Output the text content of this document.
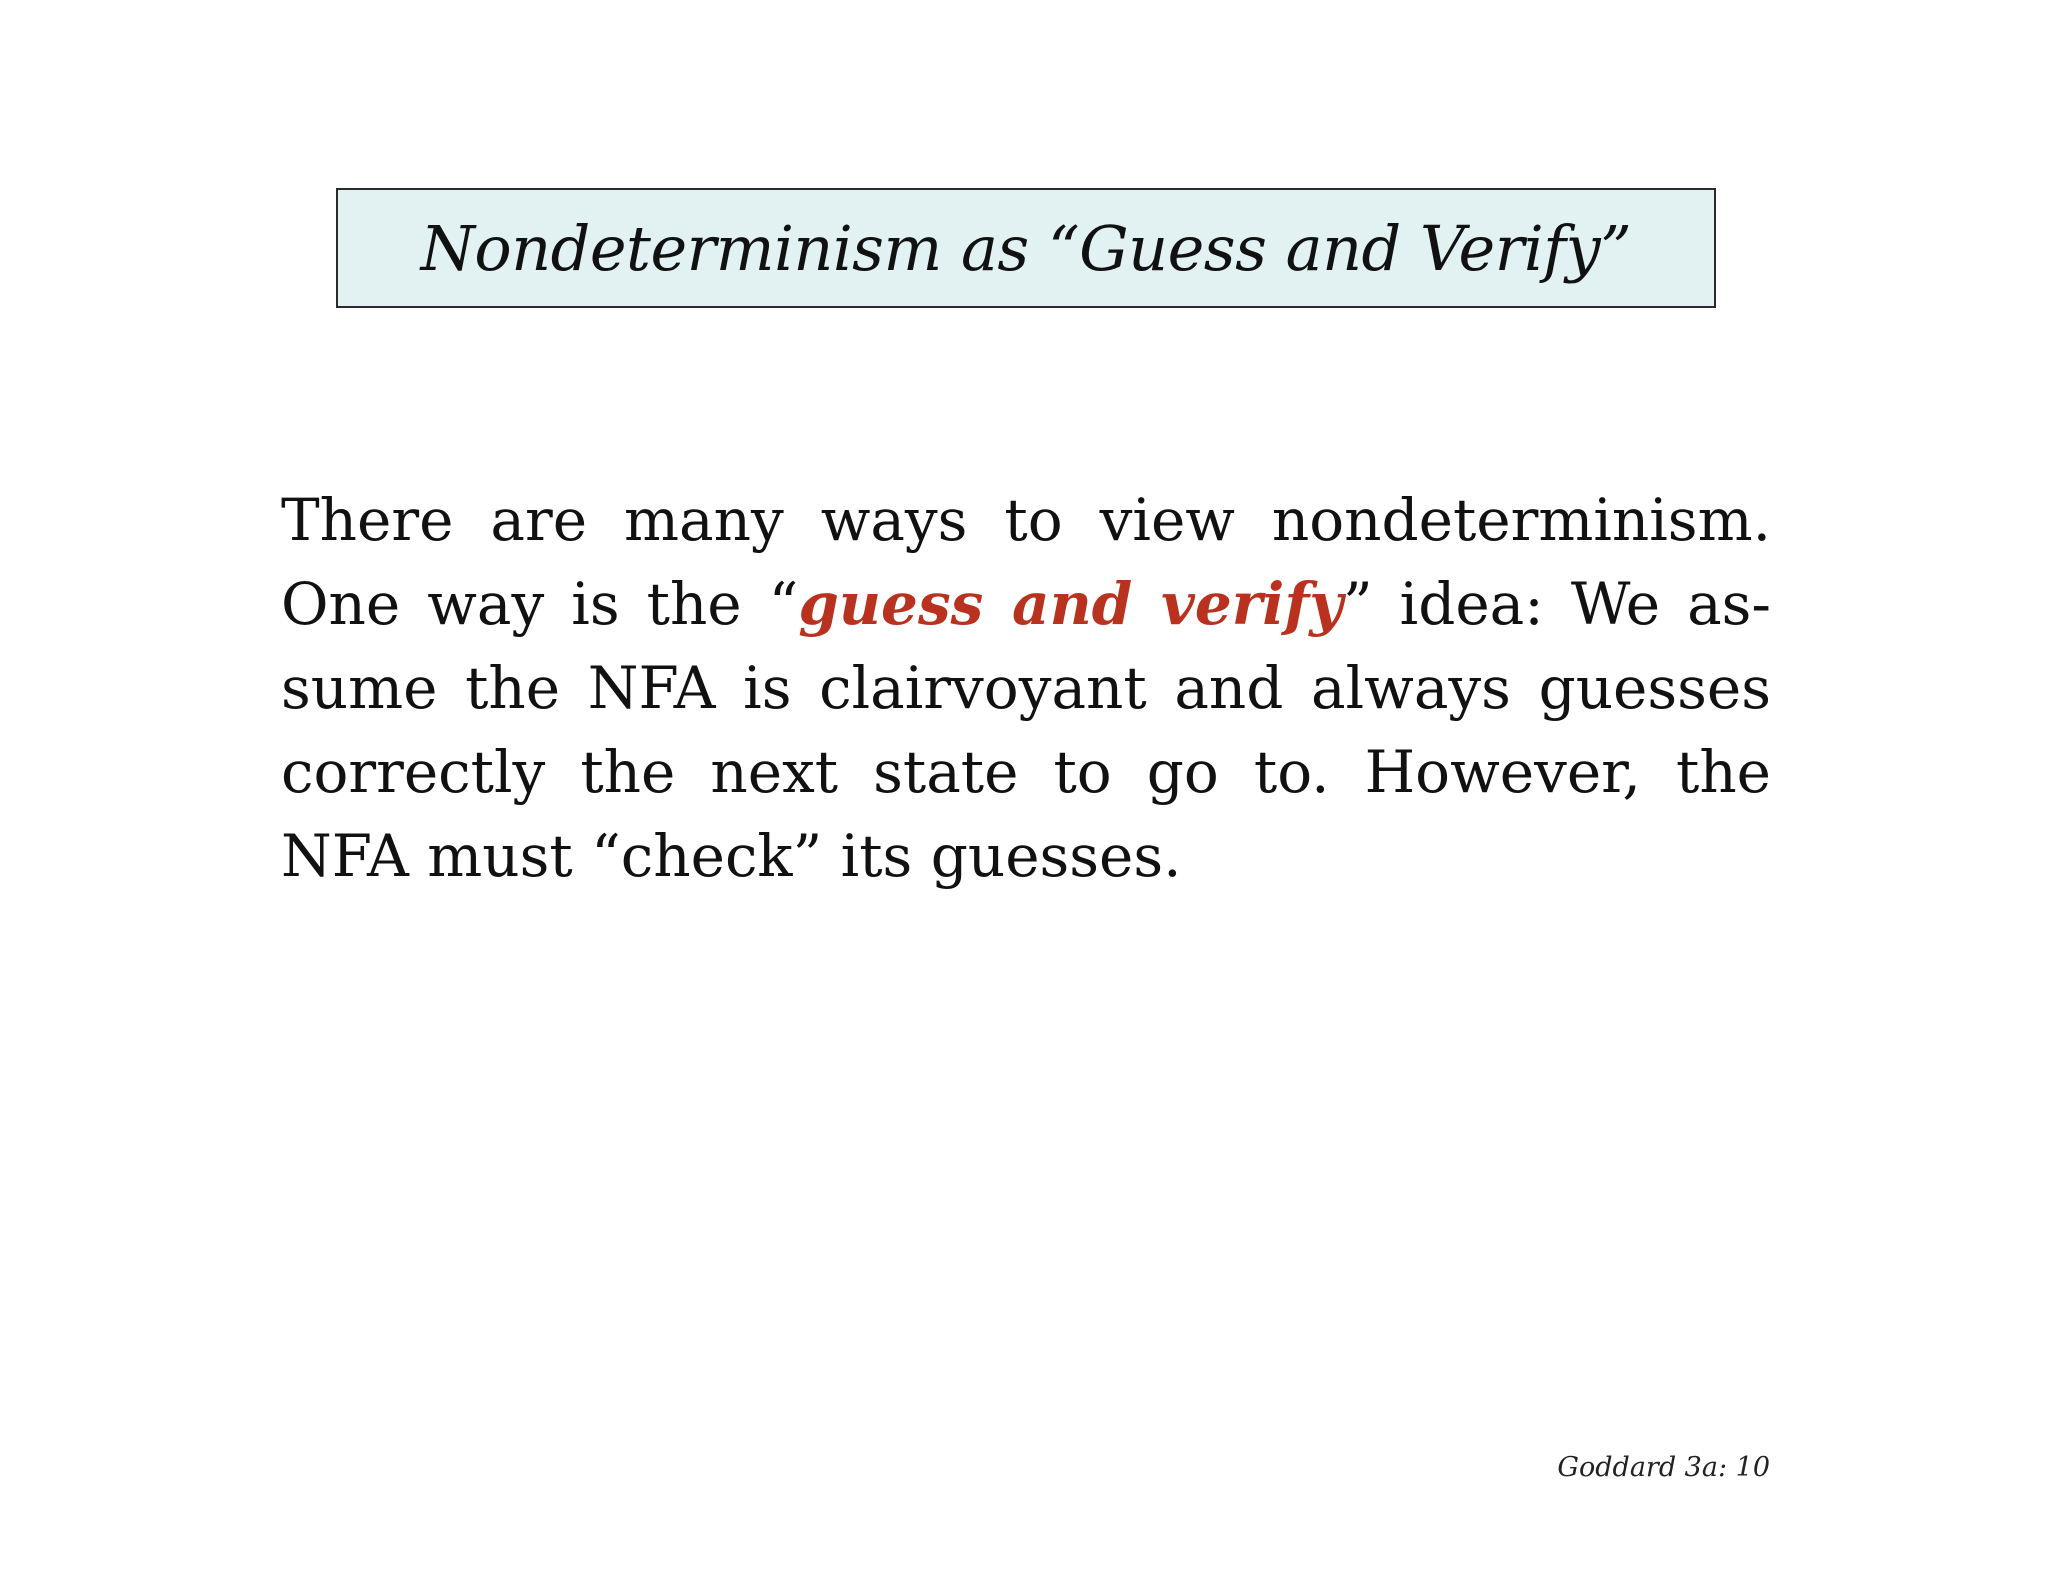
Nondeterminism as “Guess and Verify”

There are many ways to view nondeterminism. One way is the “guess and verify” idea: We assume the NFA is clairvoyant and always guesses correctly the next state to go to. However, the NFA must “check” its guesses.

Goddard 3a: 10
